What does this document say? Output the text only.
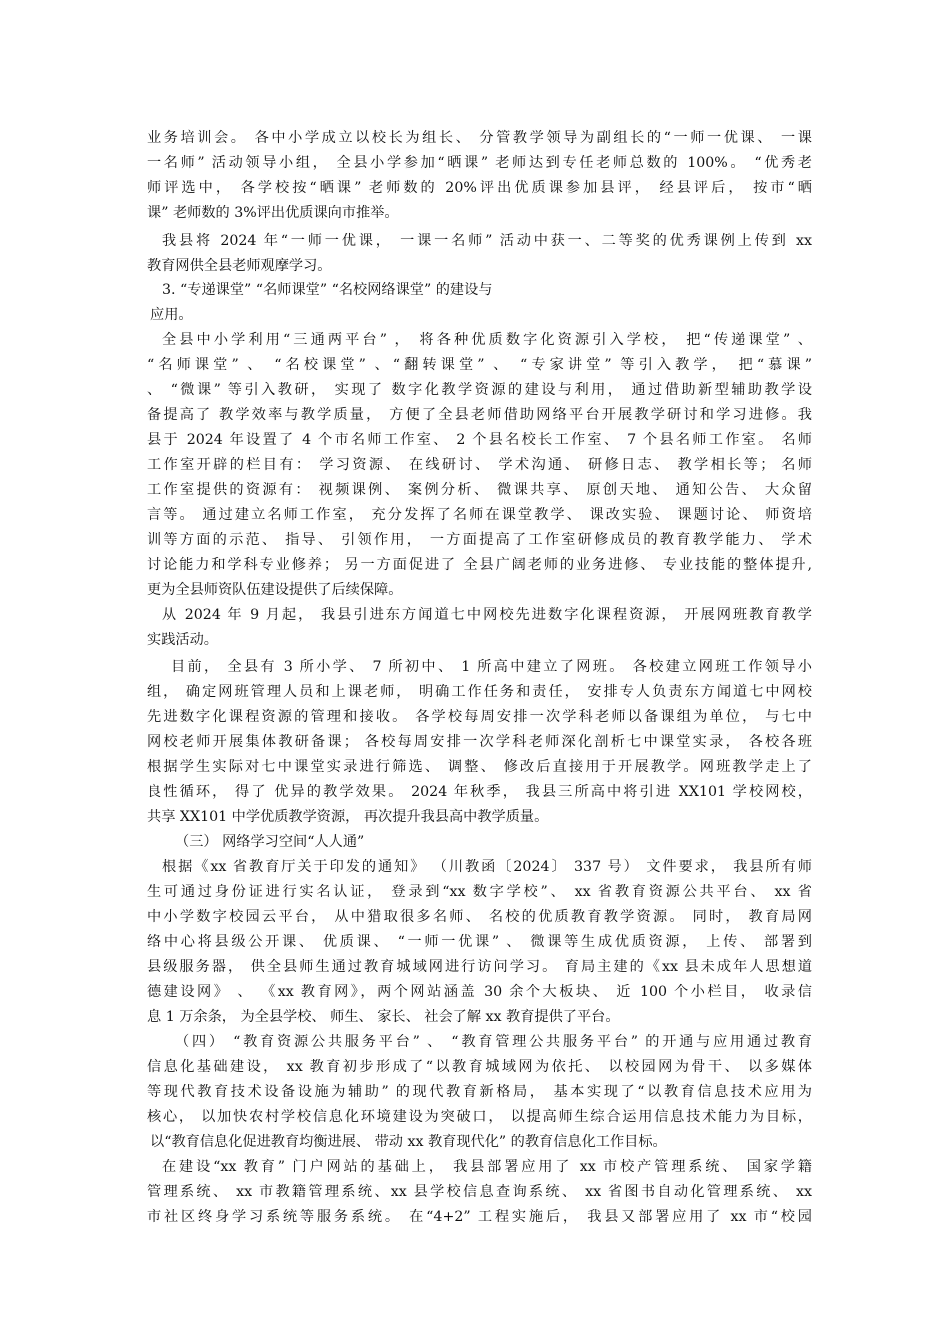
业务培训会。 各中小学成立以校长为组长、 分管教学领导为副组长的“一师一优课、 一课
一名师” 活动领导小组， 全县小学参加“晒课” 老师达到专任老师总数的 100%。 “优秀老
师评选中， 各学校按“晒课” 老师数的 20%评出优质课参加县评， 经县评后， 按市“晒
课” 老师数的 3%评出优质课向市推举。
我县将 2024 年“一师一优课， 一课一名师” 活动中获一、二等奖的优秀课例上传到 xx
教育网供全县老师观摩学习。
3. “专递课堂” “名师课堂” “名校网络课堂” 的建设与
应用。
全县中小学利用“三通两平台” ， 将各种优质数字化资源引入学校， 把“传递课堂” 、
“名师课堂” 、 “名校课堂” 、“翻转课堂” 、 “专家讲堂” 等引入教学， 把“慕课”
、 “微课” 等引入教研， 实现了 数字化教学资源的建设与利用， 通过借助新型辅助教学设
备提高了 教学效率与教学质量， 方便了全县老师借助网络平台开展教学研讨和学习进修。我
县于 2024 年设置了 4 个市名师工作室、 2 个县名校长工作室、 7 个县名师工作室。 名师
工作室开辟的栏目有： 学习资源、 在线研讨、 学术沟通、 研修日志、 教学相长等； 名师
工作室提供的资源有： 视频课例、 案例分析、 微课共享、 原创天地、 通知公告、 大众留
言等。 通过建立名师工作室， 充分发挥了名师在课堂教学、 课改实验、 课题讨论、 师资培
训等方面的示范、 指导、 引领作用， 一方面提高了工作室研修成员的教育教学能力、 学术
讨论能力和学科专业修养； 另一方面促进了 全县广阔老师的业务进修、 专业技能的整体提升,
更为全县师资队伍建设提供了后续保障。
从 2024 年 9 月起， 我县引进东方闻道七中网校先进数字化课程资源， 开展网班教育教学
实践活动。
目前， 全县有 3 所小学、 7 所初中、 1 所高中建立了网班。 各校建立网班工作领导小
组， 确定网班管理人员和上课老师， 明确工作任务和责任， 安排专人负责东方闻道七中网校
先进数字化课程资源的管理和接收。 各学校每周安排一次学科老师以备课组为单位， 与七中
网校老师开展集体教研备课； 各校每周安排一次学科老师深化剖析七中课堂实录， 各校各班
根据学生实际对七中课堂实录进行筛选、 调整、 修改后直接用于开展教学。网班教学走上了
良性循环， 得了 优异的教学效果。 2024 年秋季， 我县三所高中将引进 XX101 学校网校，
共享 XX101 中学优质教学资源， 再次提升我县高中教学质量。
（三） 网络学习空间“人人通”
根据《xx 省教育厅关于印发的通知》 （川教函〔2024〕 337 号） 文件要求， 我县所有师
生可通过身份证进行实名认证， 登录到“xx 数字学校”、 xx 省教育资源公共平台、 xx 省
中小学数字校园云平台， 从中猎取很多名师、 名校的优质教育教学资源。 同时， 教育局网
络中心将县级公开课、 优质课、 “一师一优课” 、 微课等生成优质资源， 上传、 部署到
县级服务器， 供全县师生通过教育城域网进行访问学习。 育局主建的《xx 县未成年人思想道
德建设网》 、 《xx 教育网》，两个网站涵盖 30 余个大板块、 近 100 个小栏目， 收录信
息 1 万余条， 为全县学校、 师生、 家长、 社会了解 xx 教育提供了平台。
（四） “教育资源公共服务平台” 、 “教育管理公共服务平台” 的开通与应用通过教育
信息化基础建设， xx 教育初步形成了“以教育城域网为依托、 以校园网为骨干、 以多媒体
等现代教育技术设备设施为辅助” 的现代教育新格局， 基本实现了“以教育信息技术应用为
核心， 以加快农村学校信息化环境建设为突破口， 以提高师生综合运用信息技术能力为目标，
以“教育信息化促进教育均衡进展、 带动 xx 教育现代化” 的教育信息化工作目标。
在建设“xx 教育” 门户网站的基础上， 我县部署应用了 xx 市校产管理系统、 国家学籍
管理系统、 xx 市教籍管理系统、xx 县学校信息查询系统、 xx 省图书自动化管理系统、 xx
市社区终身学习系统等服务系统。 在“4+2” 工程实施后， 我县又部署应用了 xx 市“校园
